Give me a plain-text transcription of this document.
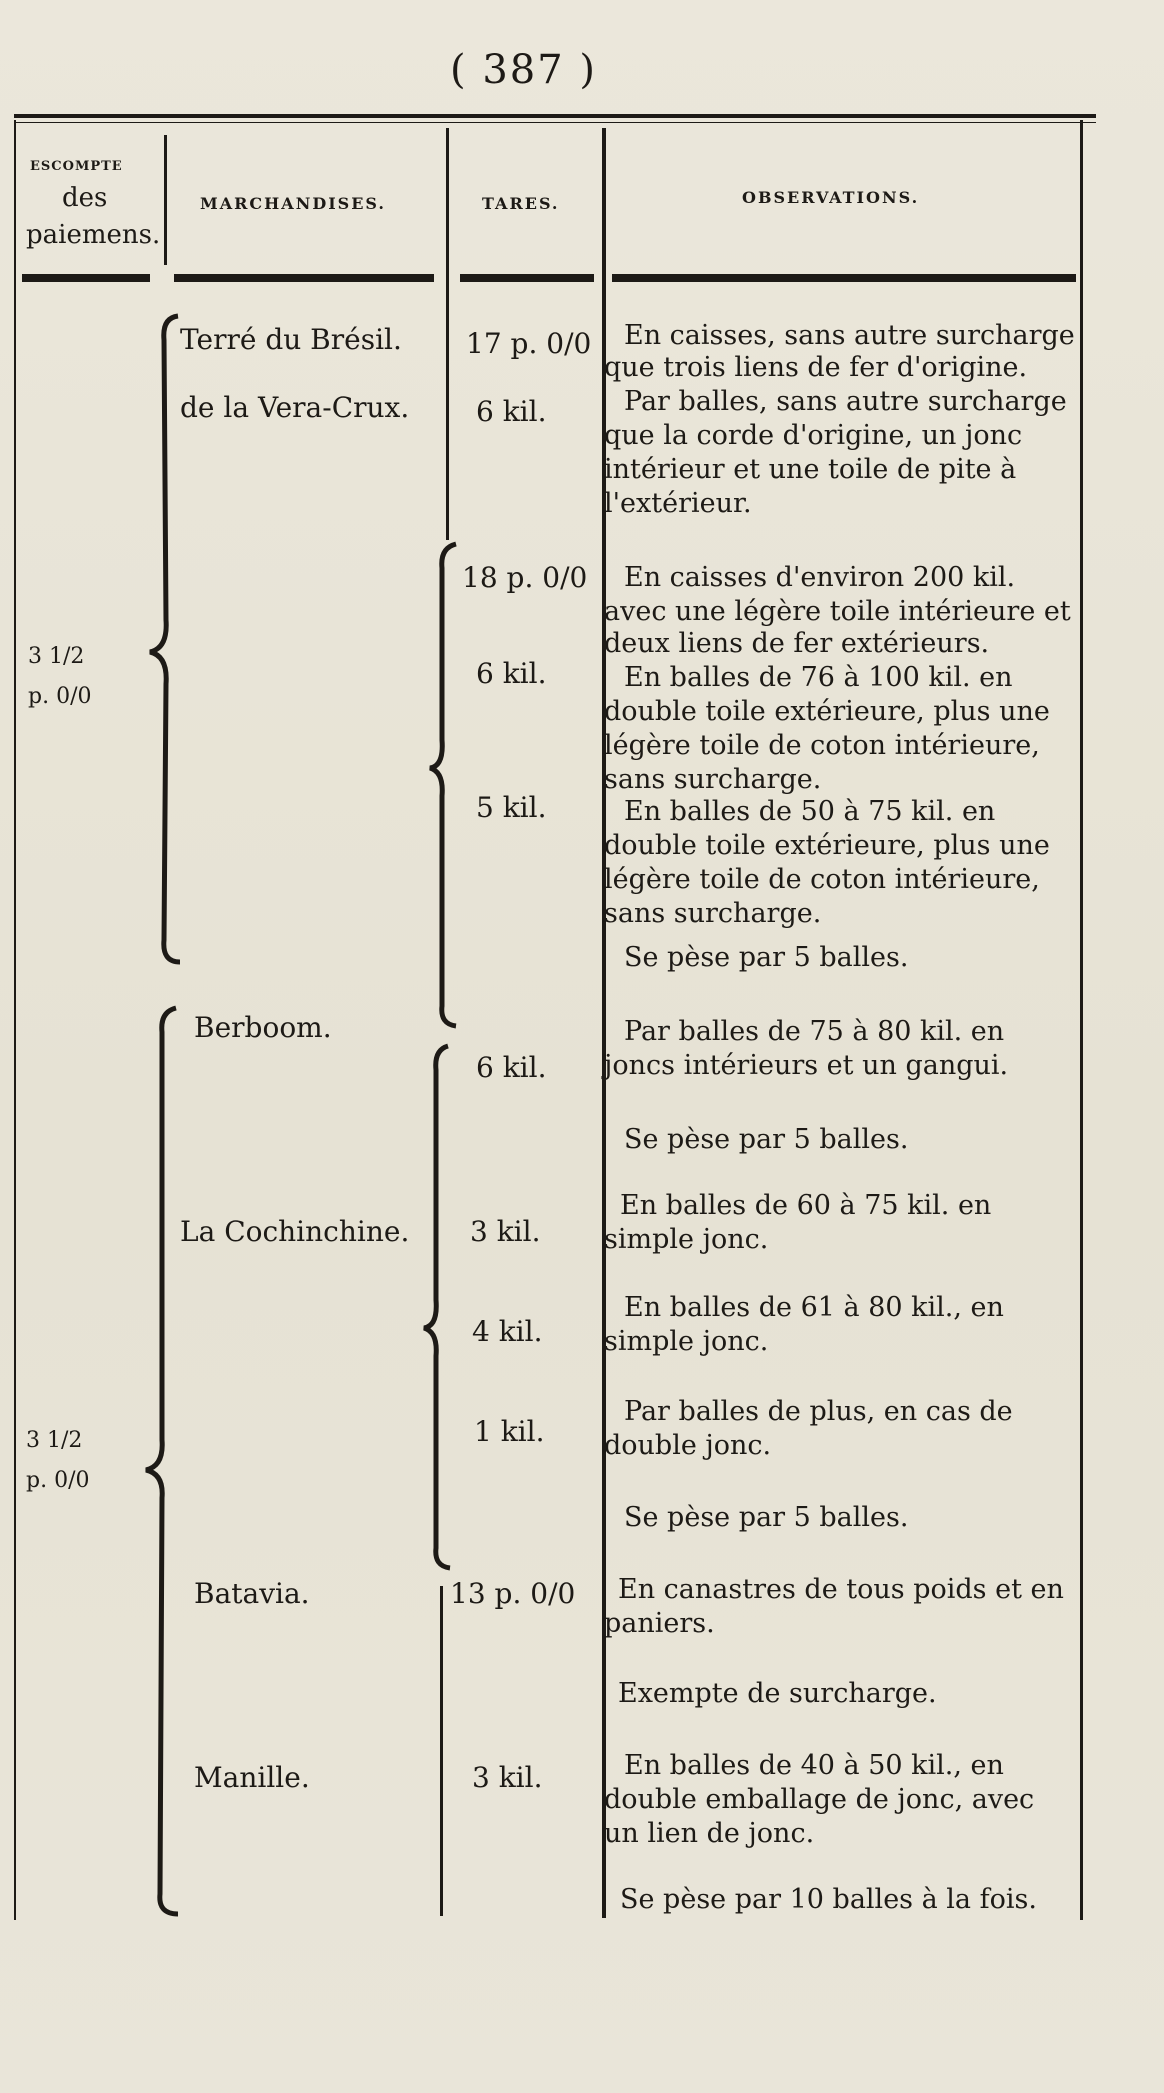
( 387 )
ESCOMPTE
des
paiemens.
MARCHANDISES.	TARES.	OBSERVATIONS.
3 1/2
p. 0/0
3 1/2
p. 0/0
Terré du Brésil.
de la Vera-Crux.
Berboom.
La Cochinchine.
Batavia.
Manille.
17 p. 0/0
6 kil.
18 p. 0/0
6 kil.
5 kil.
6 kil.
3 kil.
4 kil.
1 kil.
13 p. 0/0
3 kil.
En caisses, sans autre surcharge
que trois liens de fer d'origine.
Par balles, sans autre surcharge
que la corde d'origine, un jonc
intérieur et une toile de pite à
l'extérieur.
En caisses d'environ 200 kil.
avec une légère toile intérieure et
deux liens de fer extérieurs.
En balles de 76 à 100 kil. en
double toile extérieure, plus une
légère toile de coton intérieure,
sans surcharge.
En balles de 50 à 75 kil. en
double toile extérieure, plus une
légère toile de coton intérieure,
sans surcharge.
Se pèse par 5 balles.
Par balles de 75 à 80 kil. en
joncs intérieurs et un gangui.
Se pèse par 5 balles.
En balles de 60 à 75 kil. en
simple jonc.
En balles de 61 à 80 kil., en
simple jonc.
Par balles de plus, en cas de
double jonc.
Se pèse par 5 balles.
En canastres de tous poids et en
paniers.
Exempte de surcharge.
En balles de 40 à 50 kil., en
double emballage de jonc, avec
un lien de jonc.
Se pèse par 10 balles à la fois.
